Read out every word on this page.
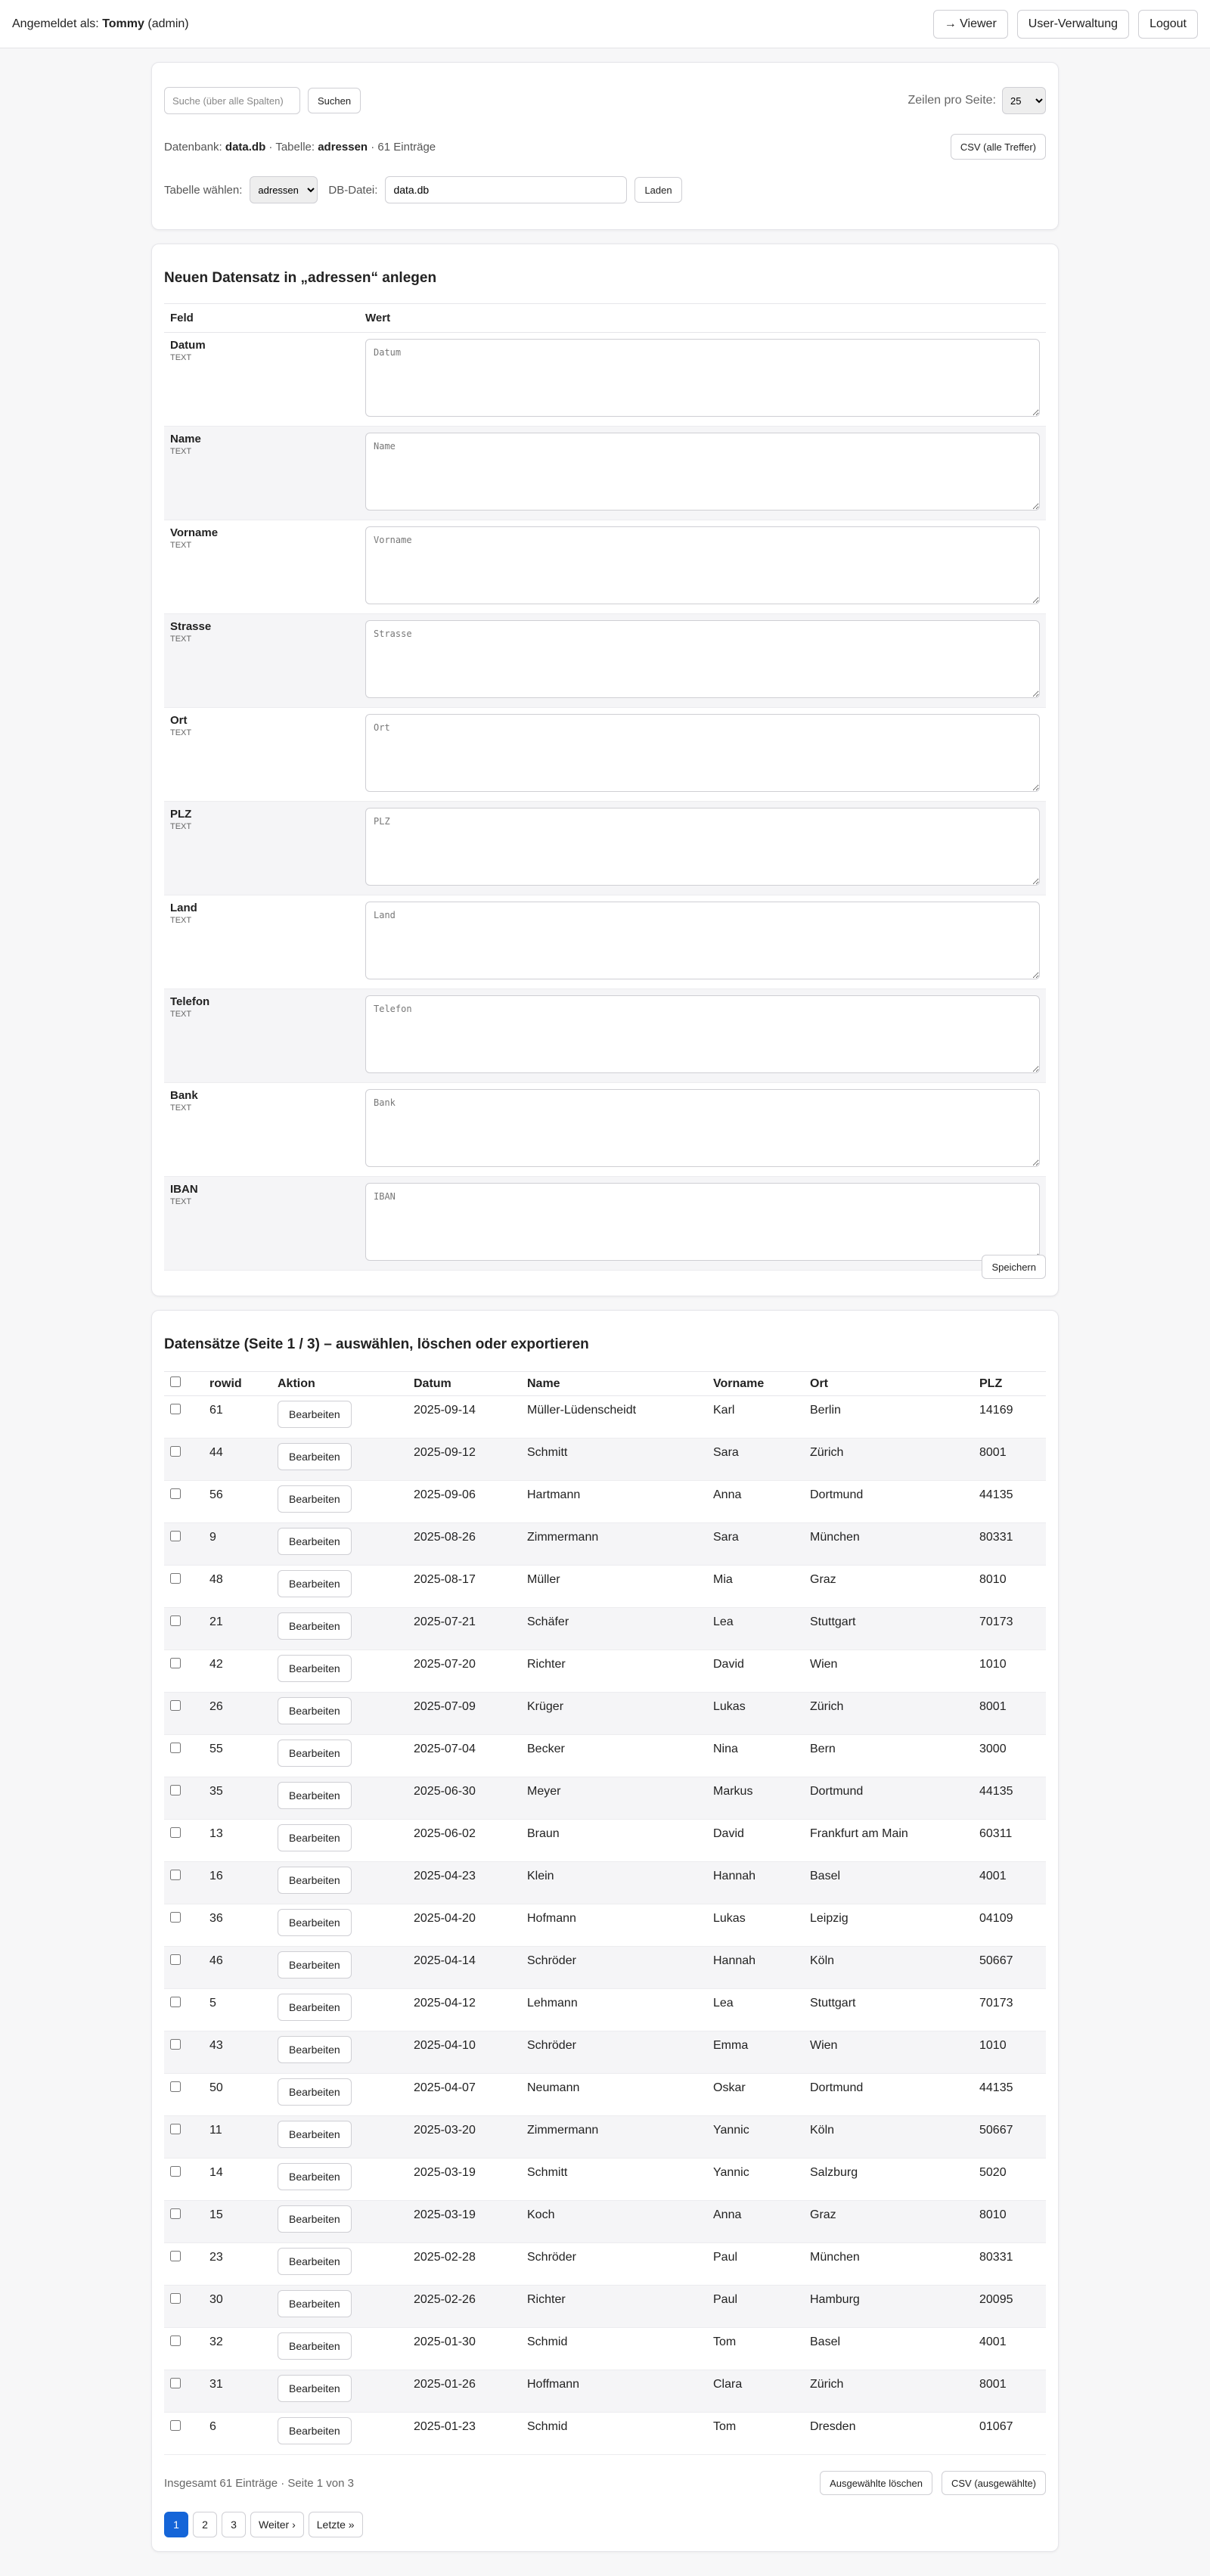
Angemeldet als: Tommy (admin)	→ Viewer	User-Verwaltung	Logout
Suche (über alle Spalten)
Suchen	Zeilen pro Seite:
25
Datenbank: data.db · Tabelle: adressen · 61 Einträge	CSV (alle Treffer)
Tabelle wählen:
adressen	DB-Datei:
data.db	Laden
Neuen Datensatz in „adressen“ anlegen
Feld	Wert

Datum
TEXT
	Datum

Name
TEXT
	Name

Vorname
TEXT
	Vorname

Strasse
TEXT
	Strasse

Ort
TEXT
	Ort

PLZ
TEXT
	PLZ

Land
TEXT
	Land

Telefon
TEXT
	Telefon

Bank
TEXT
	Bank

IBAN
TEXT
	IBAN
Speichern
Datensätze (Seite 1 / 3) – auswählen, löschen oder exportieren
	rowid	Aktion	Datum	Name	Vorname	Ort	PLZ
	61	Bearbeiten	2025-09-14	Müller-Lüdenscheidt	Karl	Berlin	14169
	44	Bearbeiten	2025-09-12	Schmitt	Sara	Zürich	8001
	56	Bearbeiten	2025-09-06	Hartmann	Anna	Dortmund	44135
	9	Bearbeiten	2025-08-26	Zimmermann	Sara	München	80331
	48	Bearbeiten	2025-08-17	Müller	Mia	Graz	8010
	21	Bearbeiten	2025-07-21	Schäfer	Lea	Stuttgart	70173
	42	Bearbeiten	2025-07-20	Richter	David	Wien	1010
	26	Bearbeiten	2025-07-09	Krüger	Lukas	Zürich	8001
	55	Bearbeiten	2025-07-04	Becker	Nina	Bern	3000
	35	Bearbeiten	2025-06-30	Meyer	Markus	Dortmund	44135
	13	Bearbeiten	2025-06-02	Braun	David	Frankfurt am Main	60311
	16	Bearbeiten	2025-04-23	Klein	Hannah	Basel	4001
	36	Bearbeiten	2025-04-20	Hofmann	Lukas	Leipzig	04109
	46	Bearbeiten	2025-04-14	Schröder	Hannah	Köln	50667
	5	Bearbeiten	2025-04-12	Lehmann	Lea	Stuttgart	70173
	43	Bearbeiten	2025-04-10	Schröder	Emma	Wien	1010
	50	Bearbeiten	2025-04-07	Neumann	Oskar	Dortmund	44135
	11	Bearbeiten	2025-03-20	Zimmermann	Yannic	Köln	50667
	14	Bearbeiten	2025-03-19	Schmitt	Yannic	Salzburg	5020
	15	Bearbeiten	2025-03-19	Koch	Anna	Graz	8010
	23	Bearbeiten	2025-02-28	Schröder	Paul	München	80331
	30	Bearbeiten	2025-02-26	Richter	Paul	Hamburg	20095
	32	Bearbeiten	2025-01-30	Schmid	Tom	Basel	4001
	31	Bearbeiten	2025-01-26	Hoffmann	Clara	Zürich	8001
	6	Bearbeiten	2025-01-23	Schmid	Tom	Dresden	01067
Insgesamt 61 Einträge · Seite 1 von 3	Ausgewählte löschen	CSV (ausgewählte)
1	2	3	Weiter ›	Letzte »
